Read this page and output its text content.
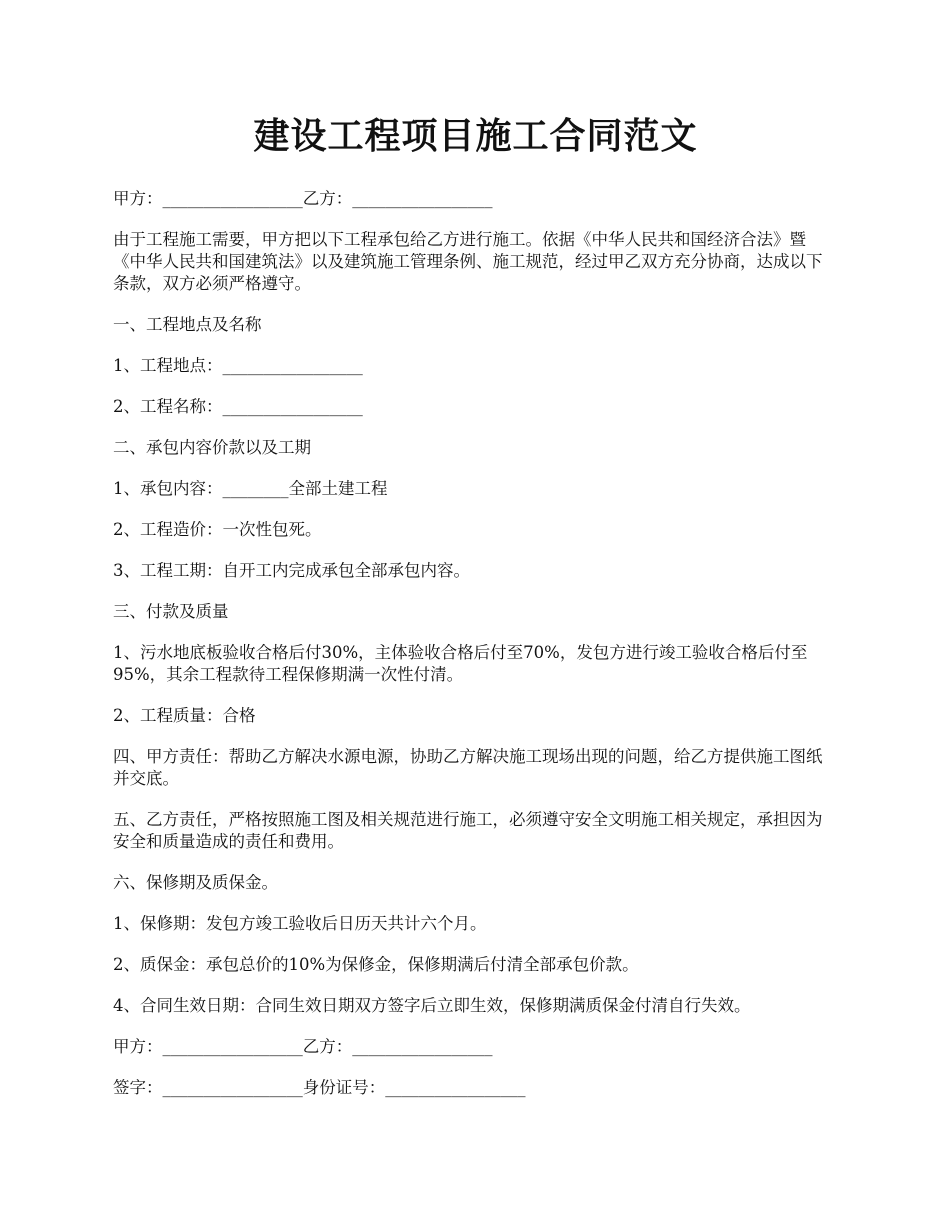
建设工程项目施工合同范文

甲方：_________________乙方：_________________

由于工程施工需要，甲方把以下工程承包给乙方进行施工。依据《中华人民共和国经济合法》暨《中华人民共和国建筑法》以及建筑施工管理条例、施工规范，经过甲乙双方充分协商，达成以下条款，双方必须严格遵守。

一、工程地点及名称

1、工程地点：_________________

2、工程名称：_________________

二、承包内容价款以及工期

1、承包内容：________全部土建工程

2、工程造价：一次性包死。

3、工程工期：自开工内完成承包全部承包内容。

三、付款及质量

1、污水地底板验收合格后付30%，主体验收合格后付至70%，发包方进行竣工验收合格后付至95%，其余工程款待工程保修期满一次性付清。

2、工程质量：合格

四、甲方责任：帮助乙方解决水源电源，协助乙方解决施工现场出现的问题，给乙方提供施工图纸并交底。

五、乙方责任，严格按照施工图及相关规范进行施工，必须遵守安全文明施工相关规定，承担因为安全和质量造成的责任和费用。

六、保修期及质保金。

1、保修期：发包方竣工验收后日历天共计六个月。

2、质保金：承包总价的10%为保修金，保修期满后付清全部承包价款。

4、合同生效日期：合同生效日期双方签字后立即生效，保修期满质保金付清自行失效。

甲方：_________________乙方：_________________

签字：_________________身份证号：_________________
